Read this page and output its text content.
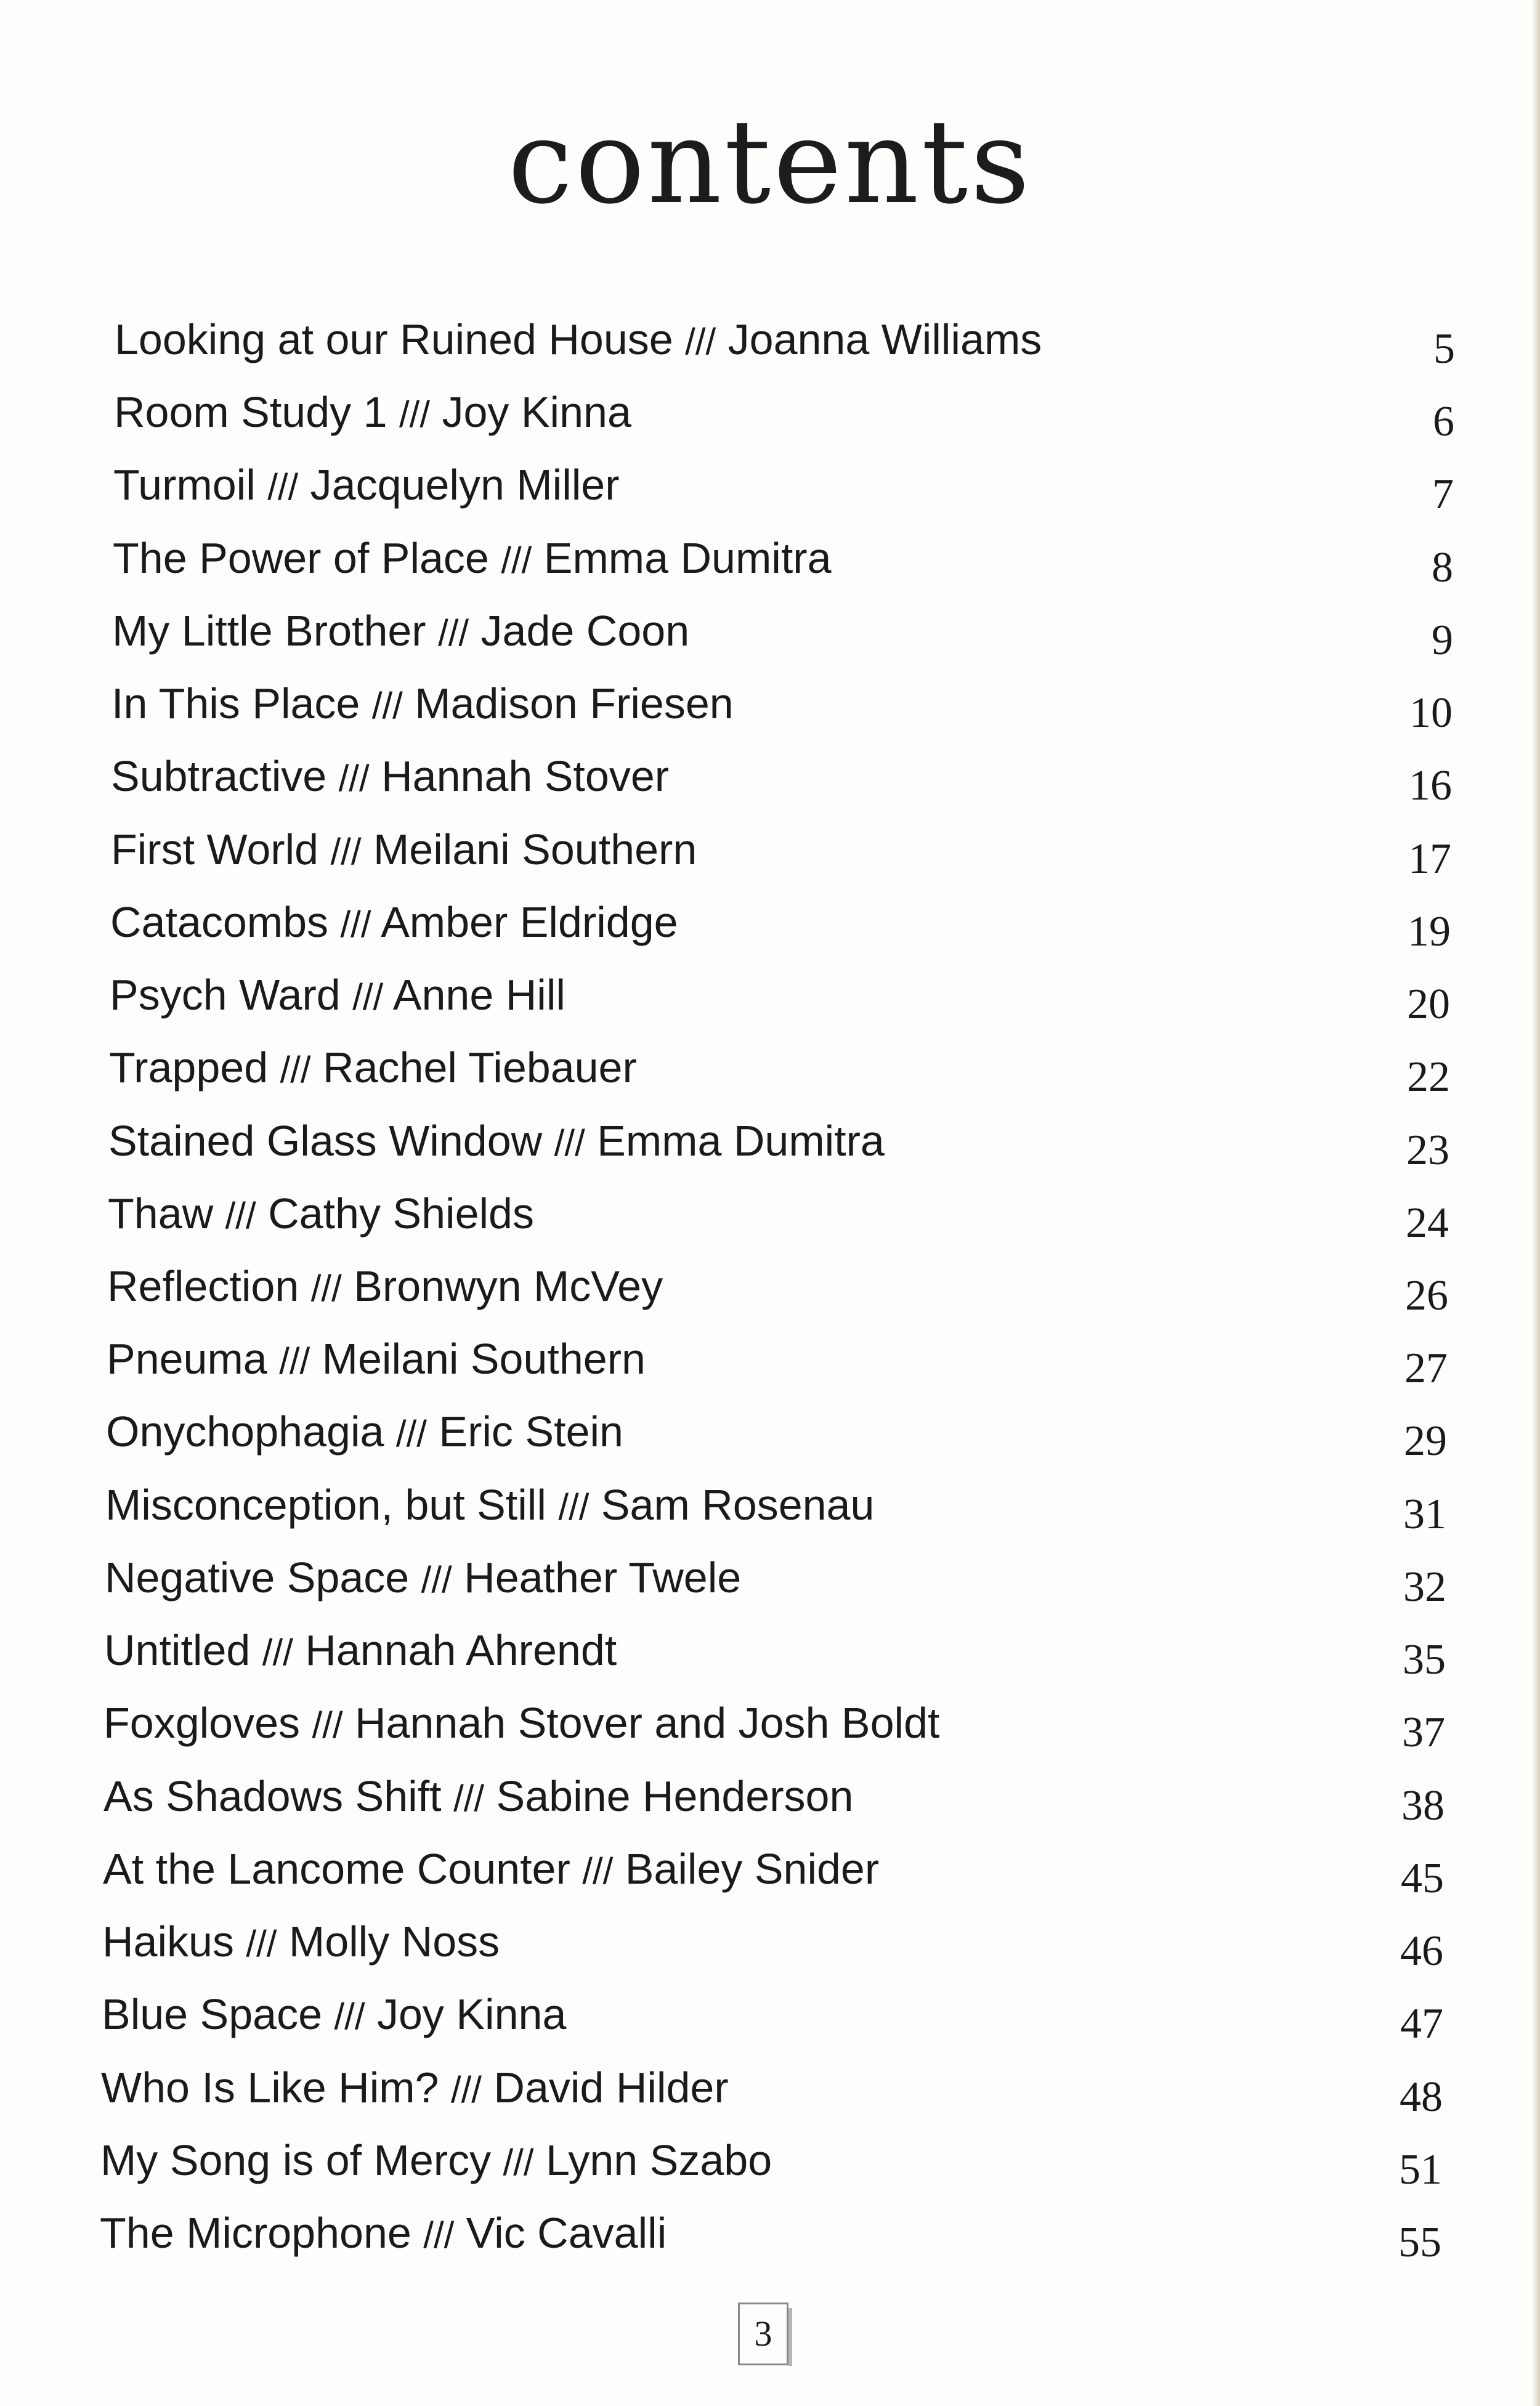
contents
Looking at our Ruined House /// Joanna Williams	5
Room Study 1 /// Joy Kinna	6
Turmoil /// Jacquelyn Miller	7
The Power of Place /// Emma Dumitra	8
My Little Brother /// Jade Coon	9
In This Place /// Madison Friesen	10
Subtractive /// Hannah Stover	16
First World /// Meilani Southern	17
Catacombs /// Amber Eldridge	19
Psych Ward /// Anne Hill	20
Trapped /// Rachel Tiebauer	22
Stained Glass Window /// Emma Dumitra	23
Thaw /// Cathy Shields	24
Reflection /// Bronwyn McVey	26
Pneuma /// Meilani Southern	27
Onychophagia /// Eric Stein	29
Misconception, but Still /// Sam Rosenau	31
Negative Space /// Heather Twele	32
Untitled /// Hannah Ahrendt	35
Foxgloves /// Hannah Stover and Josh Boldt	37
As Shadows Shift /// Sabine Henderson	38
At the Lancome Counter /// Bailey Snider	45
Haikus /// Molly Noss	46
Blue Space /// Joy Kinna	47
Who Is Like Him? /// David Hilder	48
My Song is of Mercy /// Lynn Szabo	51
The Microphone /// Vic Cavalli	55
3
